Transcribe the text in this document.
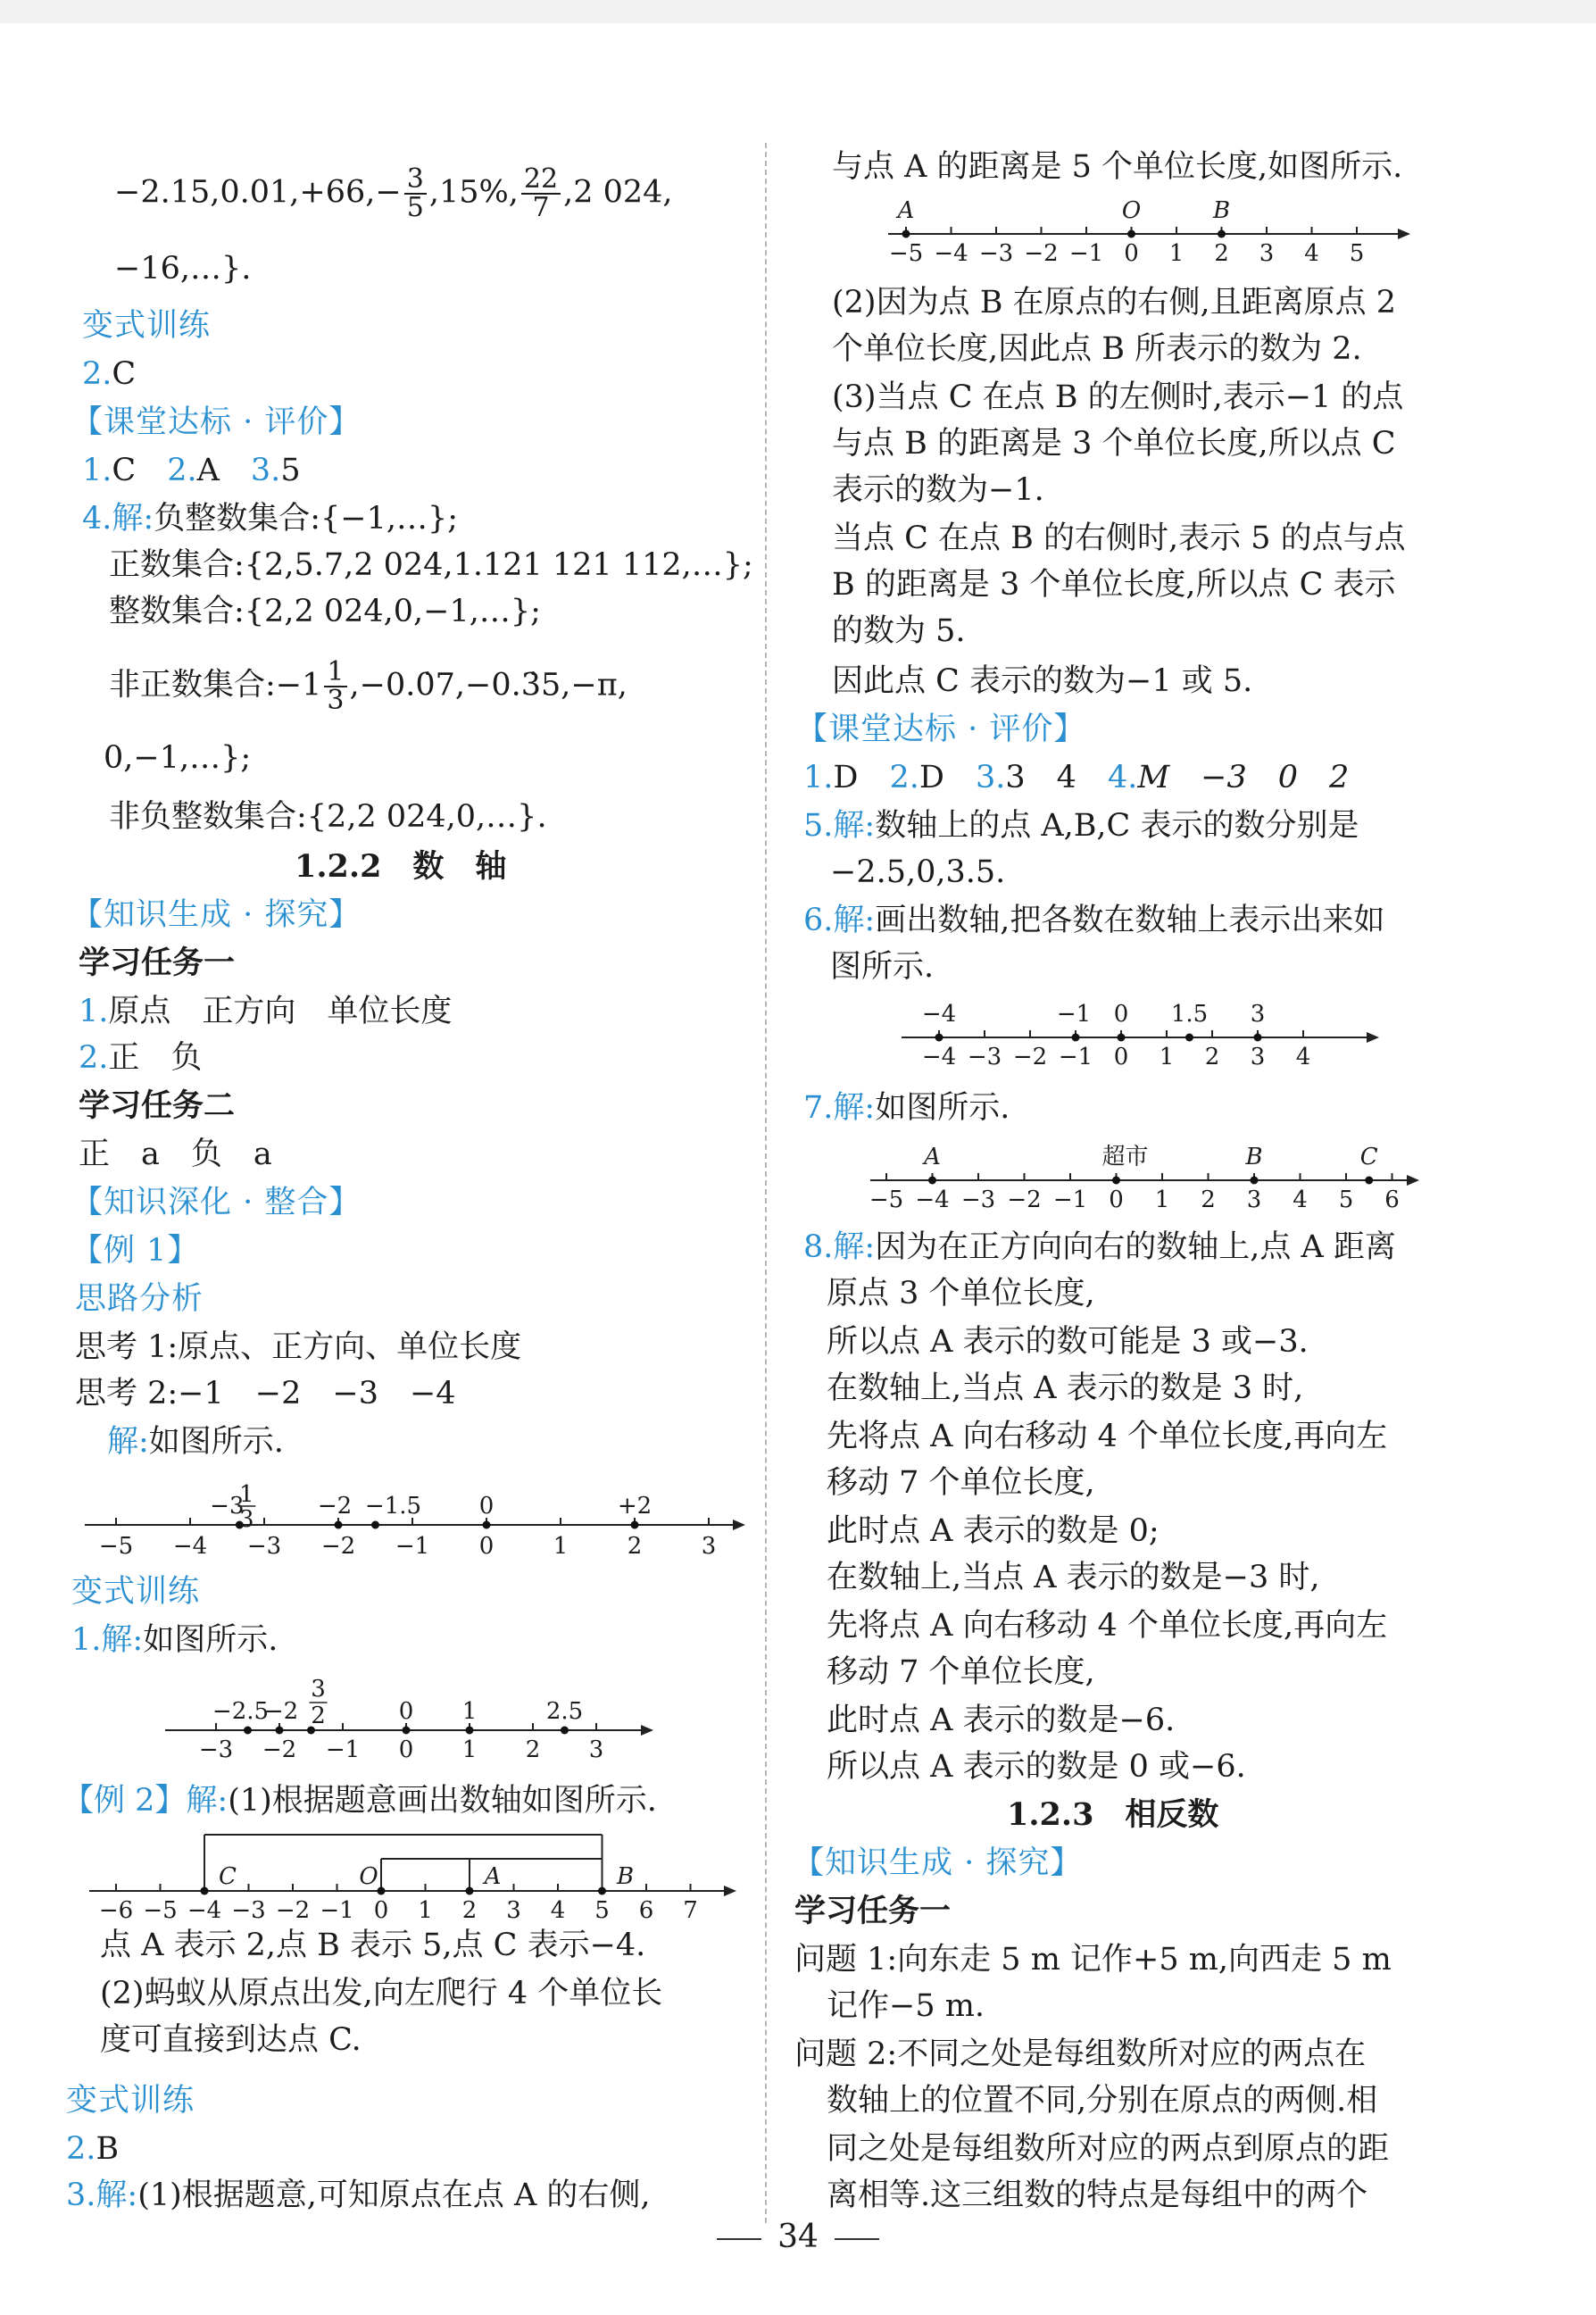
$-2.15,0.01,+66,- \frac{3}{5} ,15\%$, $\frac{22}{7} ,2$ 024,
−16,…}.
变式训练
2.C
【课堂达标 · 评价】
1.C　 2.A　 3.5
4.解:负整数集合:{−1,…};
正数集合:{2,5.7,2 024,1.121 121 112,…};
整数集合:{2,2 024,0,−1,…};
非正数集合:−1 $\frac{1}{3}$ ,−0.0̇7,−0.3̇5,−π,
0,−1,…};
非负整数集合:{2,2 024,0,…}.
1.2.2　数　轴
【知识生成 · 探究】
学习任务一
1.原点　正方向　单位长度
2.正　负
学习任务二
正　a　负　a
【知识深化 · 整合】
【例 1】
思路分析
思考 1:原点、正方向、单位长度
思考 2:−1　−2　−3　−4
解:如图所示.
−5 −4 −3 −2 −1 0	1	2	3
−3
1
3	−2 −1.5 0	+2
变式训练
1.解:如图所示.
−3 −2 −1 0 1 2 3
−2.5
−2
3
2	0 1	2.5
【例 2】解:(1)根据题意画出数轴如图所示.
−6 −5 −4 −3 −2 −1 0 1 2 3 4 5 6 7
C	O	A	B
点 A 表示 2,点 B 表示 5,点 C 表示−4.
(2)蚂蚁从原点出发,向左爬行 4 个单位长
度可直接到达点 C.
变式训练
2.B
3.解:(1)根据题意,可知原点在点 A 的右侧,
与点 A 的距离是 5 个单位长度,如图所示.
−5 −4 −3 −2 −1 0 1 2 3 4 5
A	O	B
(2)因为点 B 在原点的右侧,且距离原点 2
个单位长度,因此点 B 所表示的数为 2.
(3)当点 C 在点 B 的左侧时,表示−1 的点
与点 B 的距离是 3 个单位长度,所以点 C
表示的数为−1.
当点 C 在点 B 的右侧时,表示 5 的点与点
B 的距离是 3 个单位长度,所以点 C 表示
的数为 5.
因此点 C 表示的数为−1 或 5.
【课堂达标 · 评价】
1.D　 2.D　 3.3　4　 4.M　−3　0　2
5.解:数轴上的点 A,B,C 表示的数分别是
−2.5,0,3.5.
6.解:画出数轴,把各数在数轴上表示出来如
图所示.
−4 −3 −2 −1 0 1 2 3 4
−4	−1 0 1.5 3
7.解:如图所示.
−5 −4 −3 −2 −1 0 1 2 3 4 5 6
A	超市	B	C
8.解:因为在正方向向右的数轴上,点 A 距离
原点 3 个单位长度,
所以点 A 表示的数可能是 3 或−3.
在数轴上,当点 A 表示的数是 3 时,
先将点 A 向右移动 4 个单位长度,再向左
移动 7 个单位长度,
此时点 A 表示的数是 0;
在数轴上,当点 A 表示的数是−3 时,
先将点 A 向右移动 4 个单位长度,再向左
移动 7 个单位长度,
此时点 A 表示的数是−6.
所以点 A 表示的数是 0 或−6.
1.2.3　相反数
【知识生成 · 探究】
学习任务一
问题 1:向东走 5 m 记作+5 m,向西走 5 m
记作−5 m.
问题 2:不同之处是每组数所对应的两点在
数轴上的位置不同,分别在原点的两侧.相
同之处是每组数所对应的两点到原点的距
离相等.这三组数的特点是每组中的两个
34
